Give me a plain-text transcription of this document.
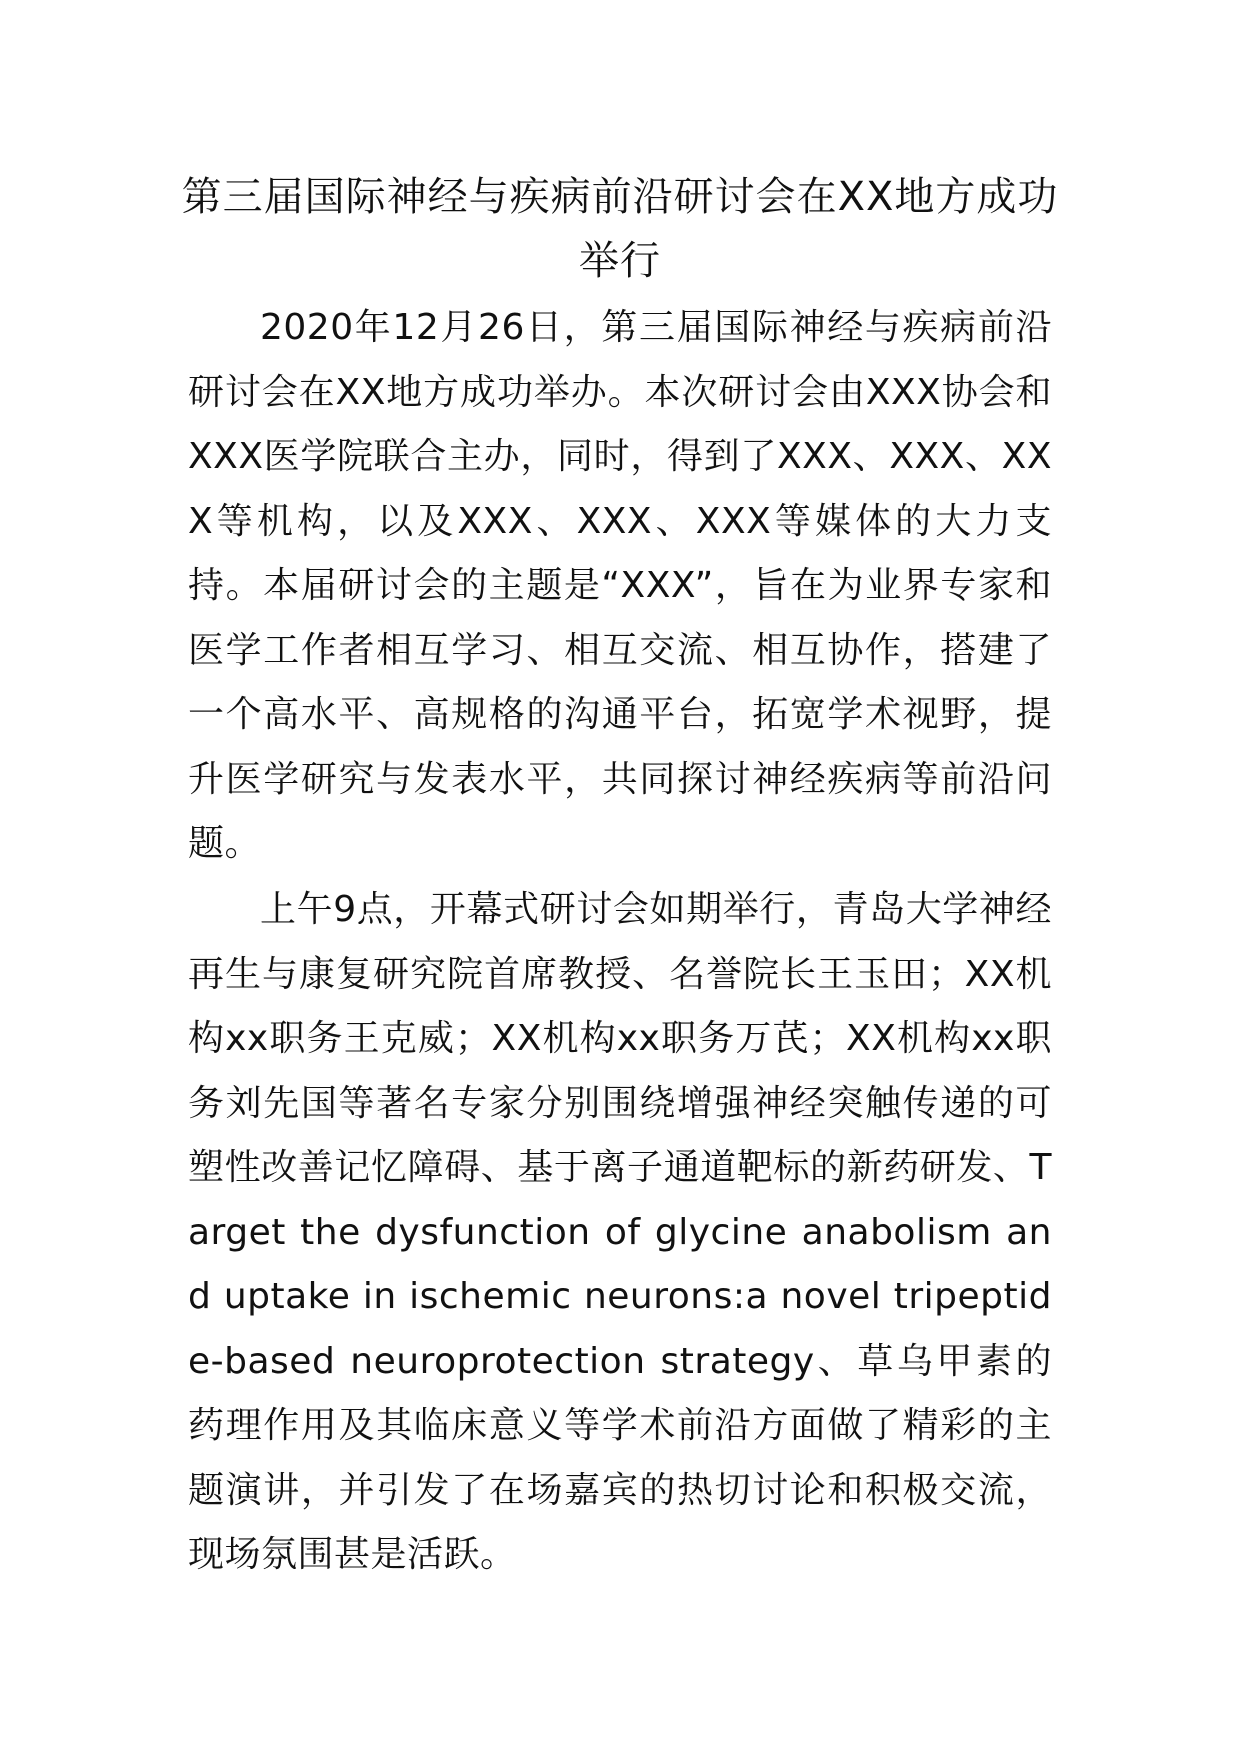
第三届国际神经与疾病前沿研讨会在XX地方成功举行

2020年12月26日，第三届国际神经与疾病前沿研讨会在XX地方成功举办。本次研讨会由XXX协会和XXX医学院联合主办，同时，得到了XXX、XXX、XXX等机构，以及XXX、XXX、XXX等媒体的大力支持。本届研讨会的主题是“XXX”，旨在为业界专家和医学工作者相互学习、相互交流、相互协作，搭建了一个高水平、高规格的沟通平台，拓宽学术视野，提升医学研究与发表水平，共同探讨神经疾病等前沿问题。

上午9点，开幕式研讨会如期举行，青岛大学神经再生与康复研究院首席教授、名誉院长王玉田；XX机构xx职务王克威；XX机构xx职务万芪；XX机构xx职务刘先国等著名专家分别围绕增强神经突触传递的可塑性改善记忆障碍、基于离子通道靶标的新药研发、Target the dysfunction of glycine anabolism and uptake in ischemic neurons:a novel tripeptide-based neuroprotection strategy、草乌甲素的药理作用及其临床意义等学术前沿方面做了精彩的主题演讲，并引发了在场嘉宾的热切讨论和积极交流，现场氛围甚是活跃。
